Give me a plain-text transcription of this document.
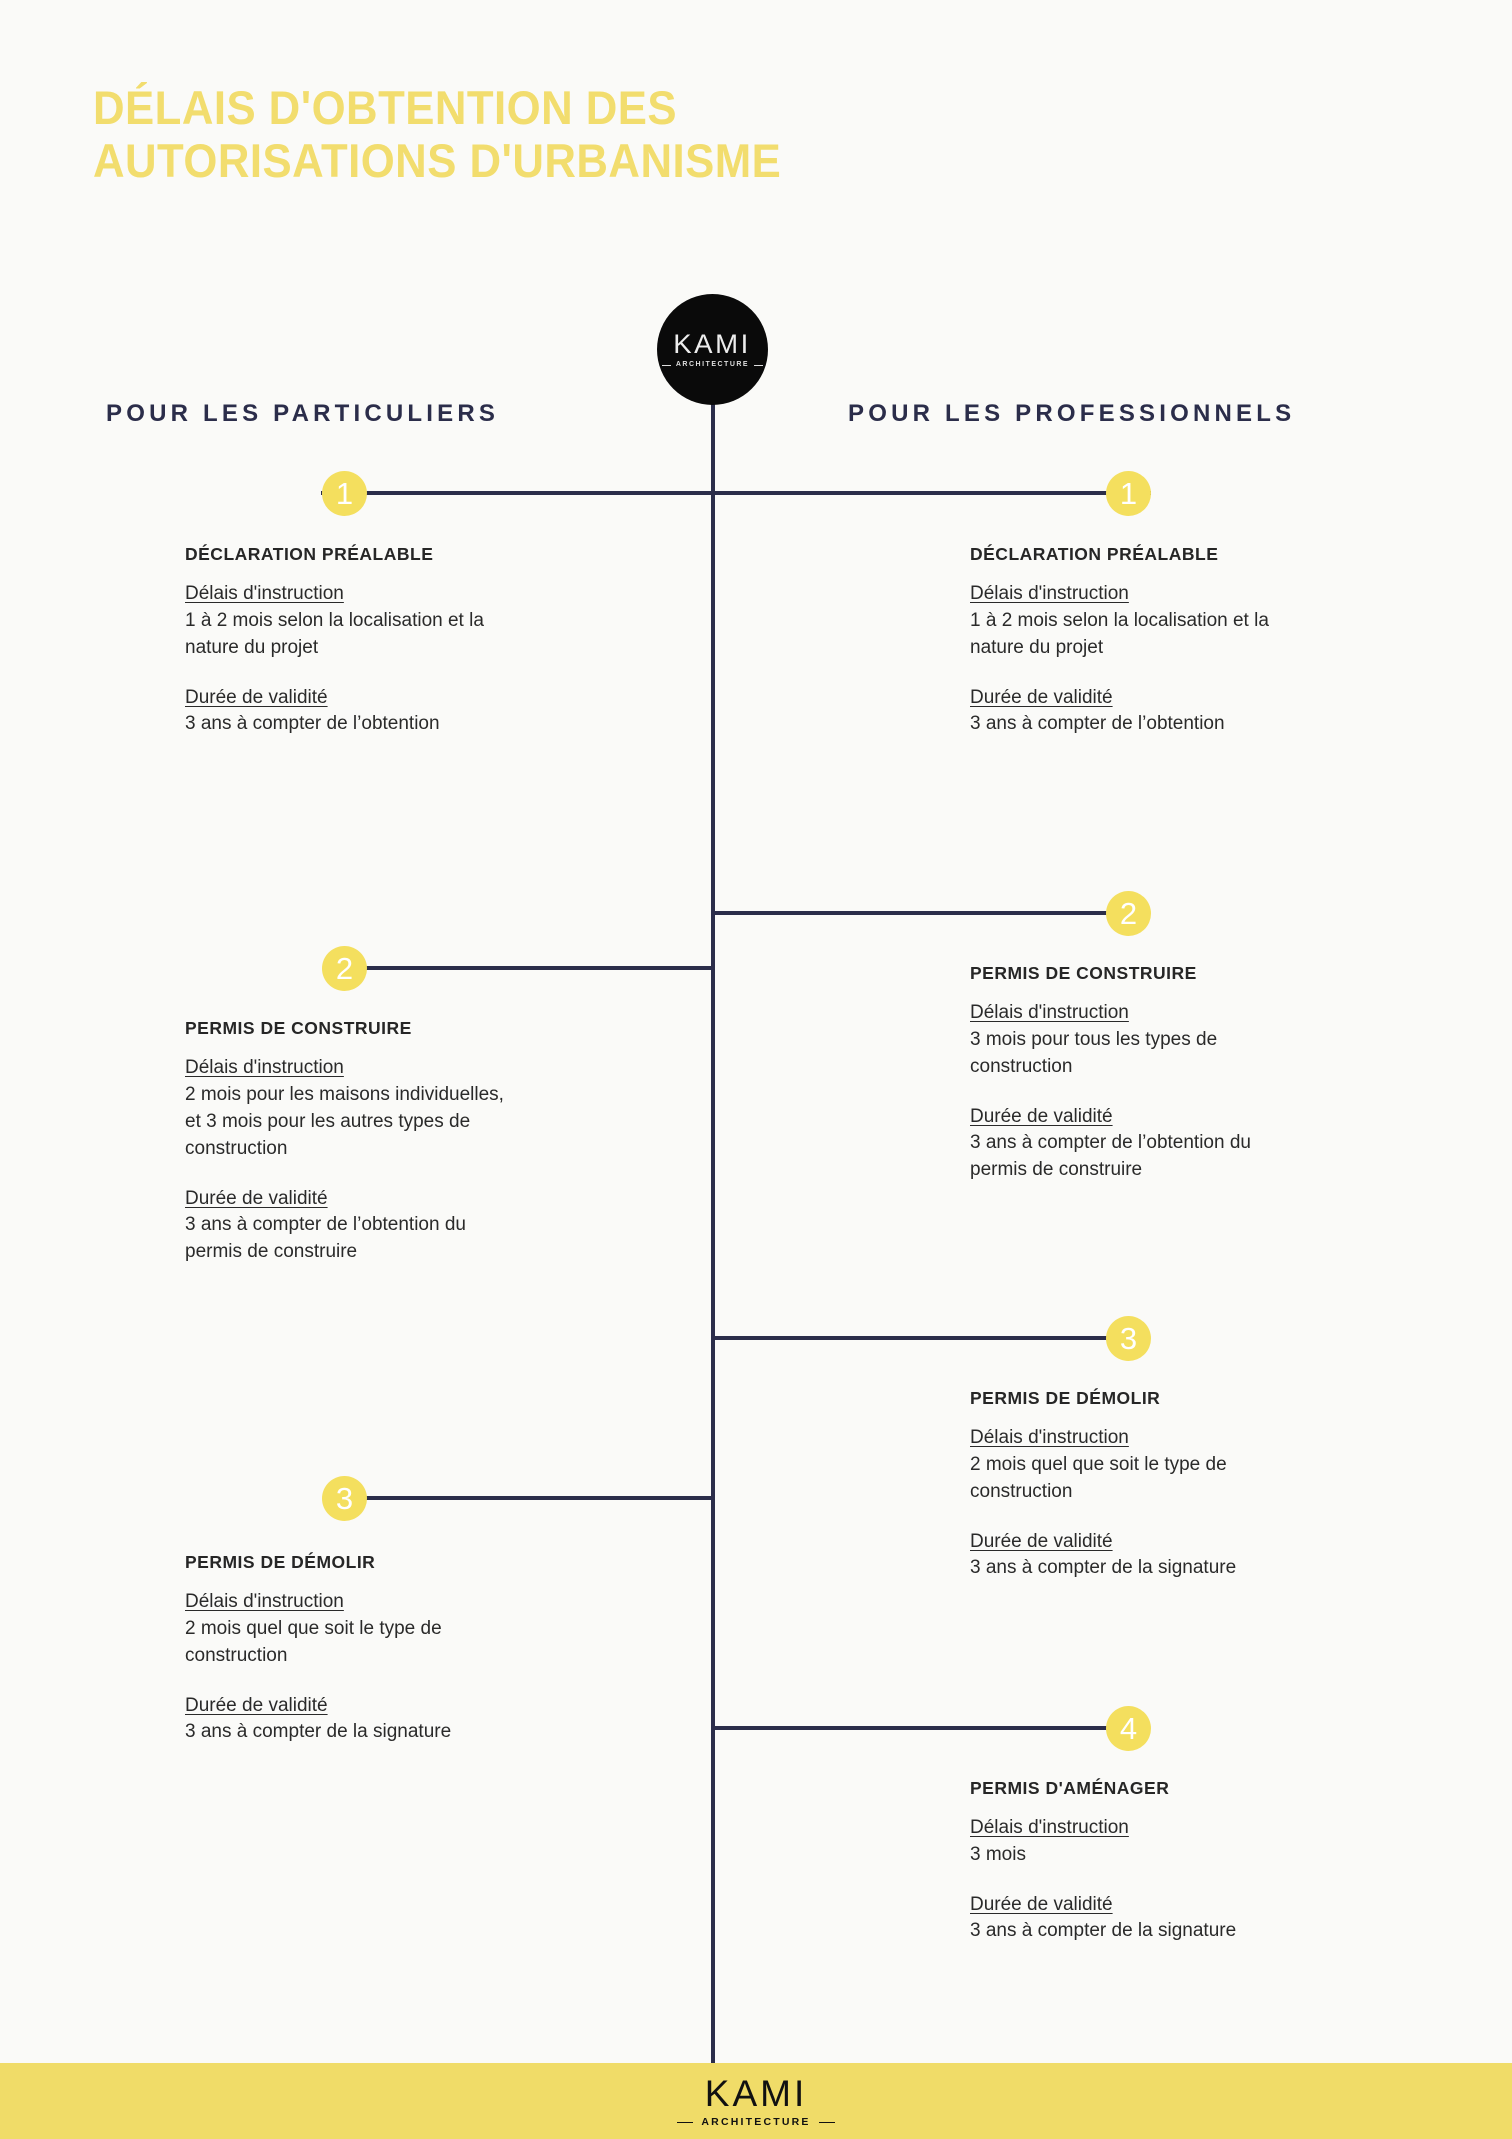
DÉLAIS D'OBTENTION DES
AUTORISATIONS D'URBANISME
KAMI
ARCHITECTURE
POUR LES PARTICULIERS	POUR LES PROFESSIONNELS
1
2
3
1
2
3
4
DÉCLARATION PRÉALABLE
Délais d'instruction
1 à 2 mois selon la localisation et la nature du projet
Durée de validité
3 ans à compter de l’obtention
PERMIS DE CONSTRUIRE
Délais d'instruction
2 mois pour les maisons individuelles, et 3 mois pour les autres types de construction
Durée de validité
3 ans à compter de l’obtention du permis de construire
PERMIS DE DÉMOLIR
Délais d'instruction
2 mois quel que soit le type de construction
Durée de validité
3 ans à compter de la signature
DÉCLARATION PRÉALABLE
Délais d'instruction
1 à 2 mois selon la localisation et la nature du projet
Durée de validité
3 ans à compter de l’obtention
PERMIS DE CONSTRUIRE
Délais d'instruction
3 mois pour tous les types de construction
Durée de validité
3 ans à compter de l’obtention du permis de construire
PERMIS DE DÉMOLIR
Délais d'instruction
2 mois quel que soit le type de construction
Durée de validité
3 ans à compter de la signature
PERMIS D'AMÉNAGER
Délais d'instruction
3 mois
Durée de validité
3 ans à compter de la signature
KAMI
ARCHITECTURE
